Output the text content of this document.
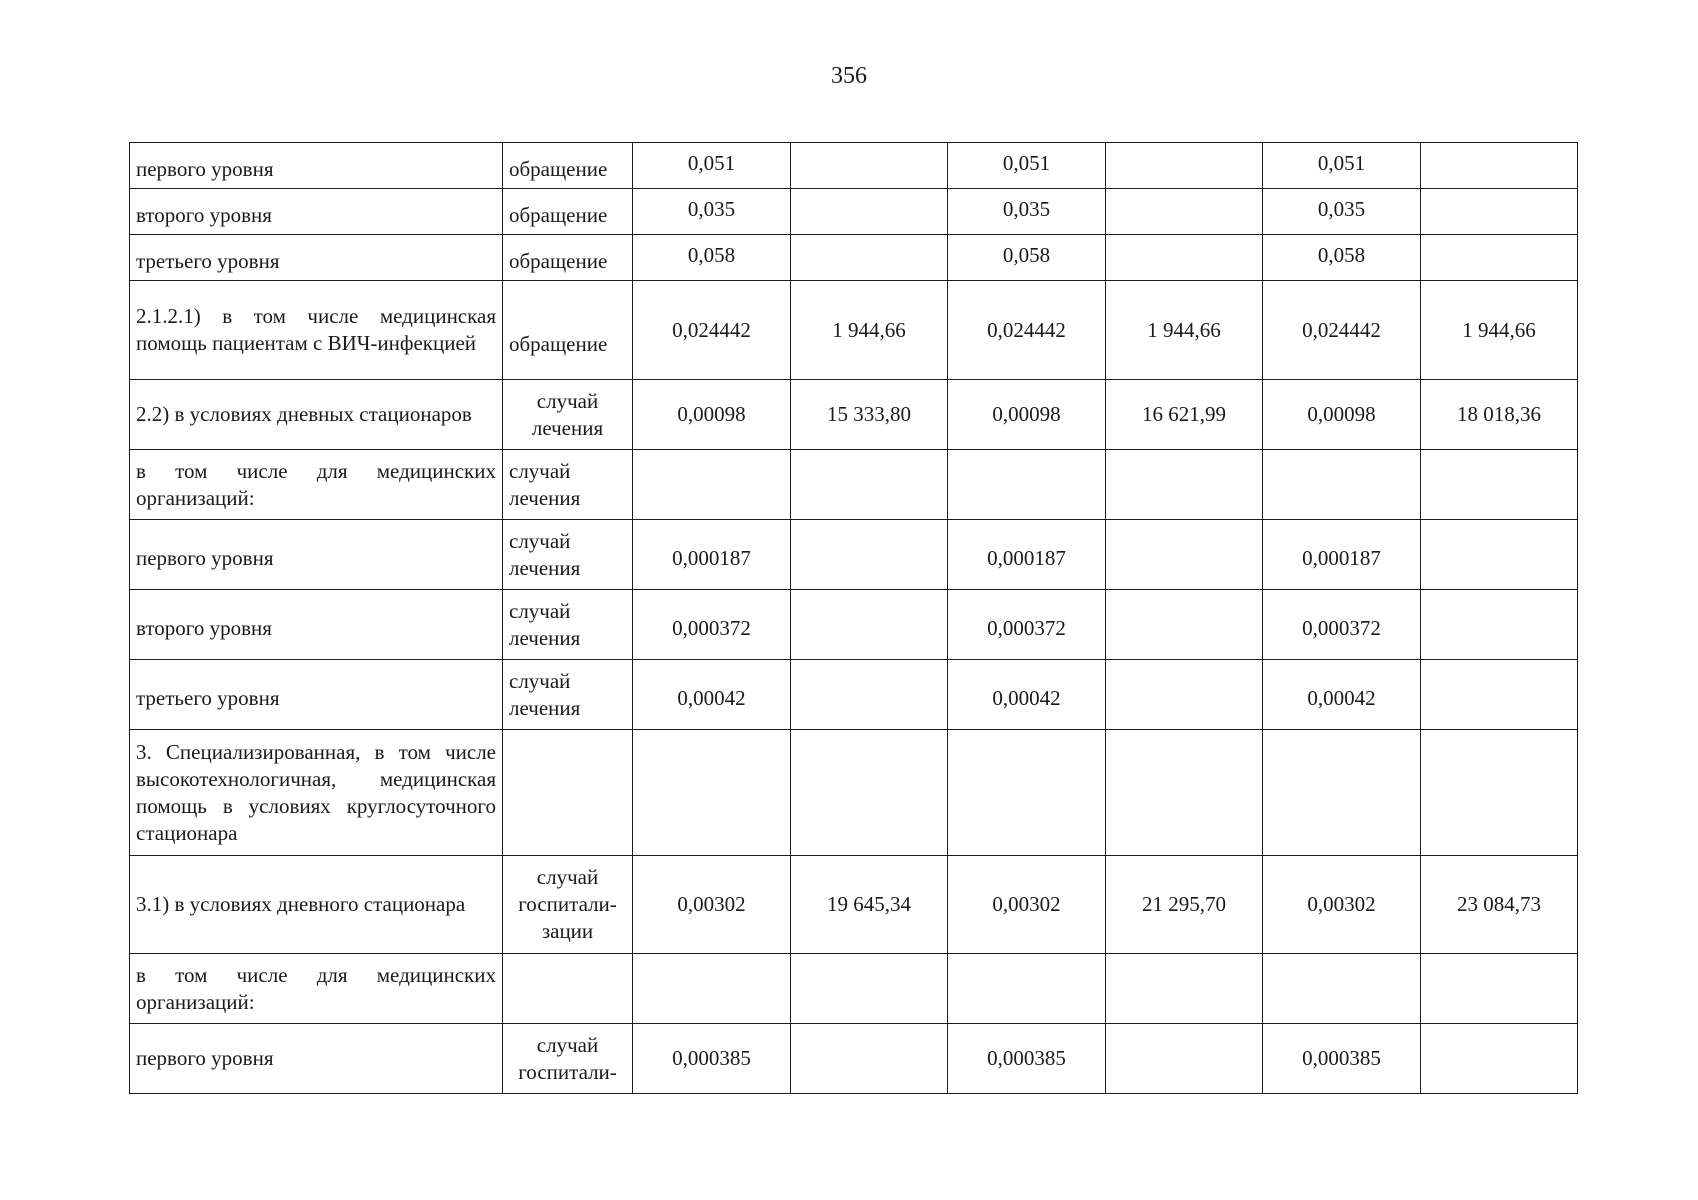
356
первого уровня	обращение	0,051		0,051		0,051	
второго уровня	обращение	0,035		0,035		0,035	
третьего уровня	обращение	0,058		0,058		0,058	
2.1.2.1) в том числе медицинская помощь пациентам с ВИЧ-инфекцией	обращение	0,024442	1 944,66	0,024442	1 944,66	0,024442	1 944,66
2.2) в условиях дневных стационаров	случай лечения	0,00098	15 333,80	0,00098	16 621,99	0,00098	18 018,36
в том числе для медицинских организаций:	случай лечения						
первого уровня	случай лечения	0,000187		0,000187		0,000187	
второго уровня	случай лечения	0,000372		0,000372		0,000372	
третьего уровня	случай лечения	0,00042		0,00042		0,00042	
3. Специализированная, в том числе высокотехнологичная, медицинская помощь в условиях круглосуточного стационара							
3.1) в условиях дневного стационара	случай госпитали-зации	0,00302	19 645,34	0,00302	21 295,70	0,00302	23 084,73
в том числе для медицинских организаций:							
первого уровня	случай госпитали-	0,000385		0,000385		0,000385	
